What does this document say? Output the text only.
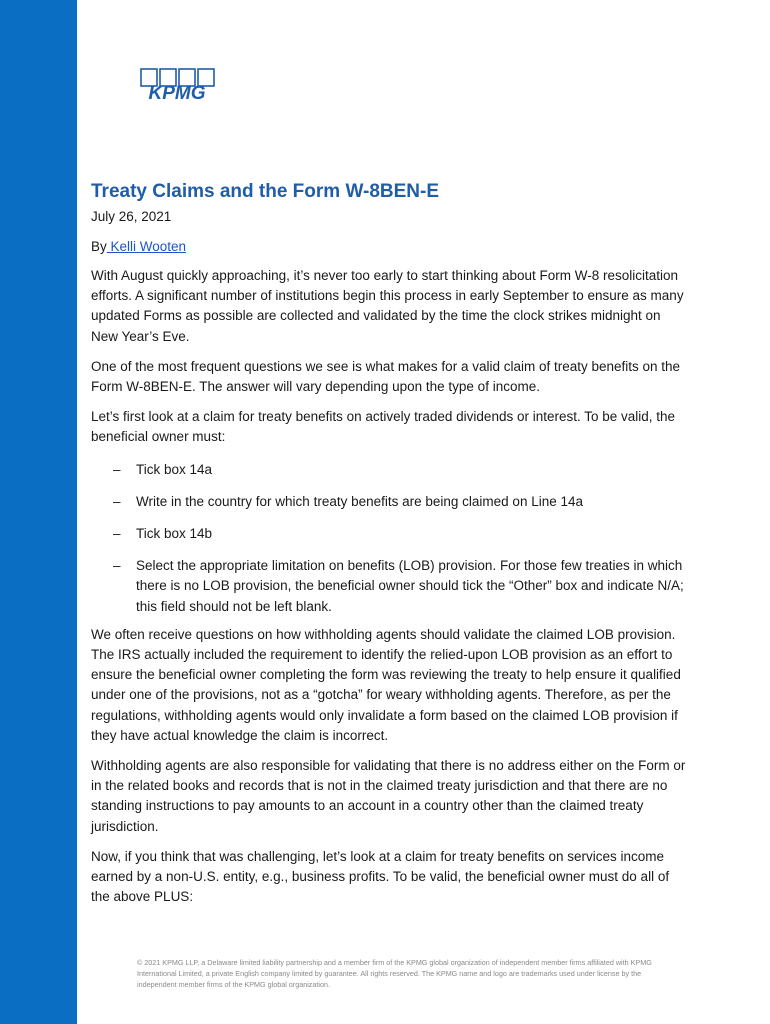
KPMG
Treaty Claims and the Form W-8BEN-E
July 26, 2021
By Kelli Wooten

With August quickly approaching, it’s never too early to start thinking about Form W-8 resolicitation efforts. A significant number of institutions begin this process in early September to ensure as many updated Forms as possible are collected and validated by the time the clock strikes midnight on New Year’s Eve.

One of the most frequent questions we see is what makes for a valid claim of treaty benefits on the Form W-8BEN-E. The answer will vary depending upon the type of income.

Let’s first look at a claim for treaty benefits on actively traded dividends or interest. To be valid, the beneficial owner must:

– Tick box 14a
– Write in the country for which treaty benefits are being claimed on Line 14a
– Tick box 14b
– Select the appropriate limitation on benefits (LOB) provision. For those few treaties in which there is no LOB provision, the beneficial owner should tick the “Other” box and indicate N/A; this field should not be left blank.

We often receive questions on how withholding agents should validate the claimed LOB provision. The IRS actually included the requirement to identify the relied-upon LOB provision as an effort to ensure the beneficial owner completing the form was reviewing the treaty to help ensure it qualified under one of the provisions, not as a “gotcha” for weary withholding agents. Therefore, as per the regulations, withholding agents would only invalidate a form based on the claimed LOB provision if they have actual knowledge the claim is incorrect.

Withholding agents are also responsible for validating that there is no address either on the Form or in the related books and records that is not in the claimed treaty jurisdiction and that there are no standing instructions to pay amounts to an account in a country other than the claimed treaty jurisdiction.

Now, if you think that was challenging, let’s look at a claim for treaty benefits on services income earned by a non-U.S. entity, e.g., business profits. To be valid, the beneficial owner must do all of the above PLUS:

© 2021 KPMG LLP, a Delaware limited liability partnership and a member firm of the KPMG global organization of independent member firms affiliated with KPMG International Limited, a private English company limited by guarantee. All rights reserved. The KPMG name and logo are trademarks used under license by the independent member firms of the KPMG global organization.
